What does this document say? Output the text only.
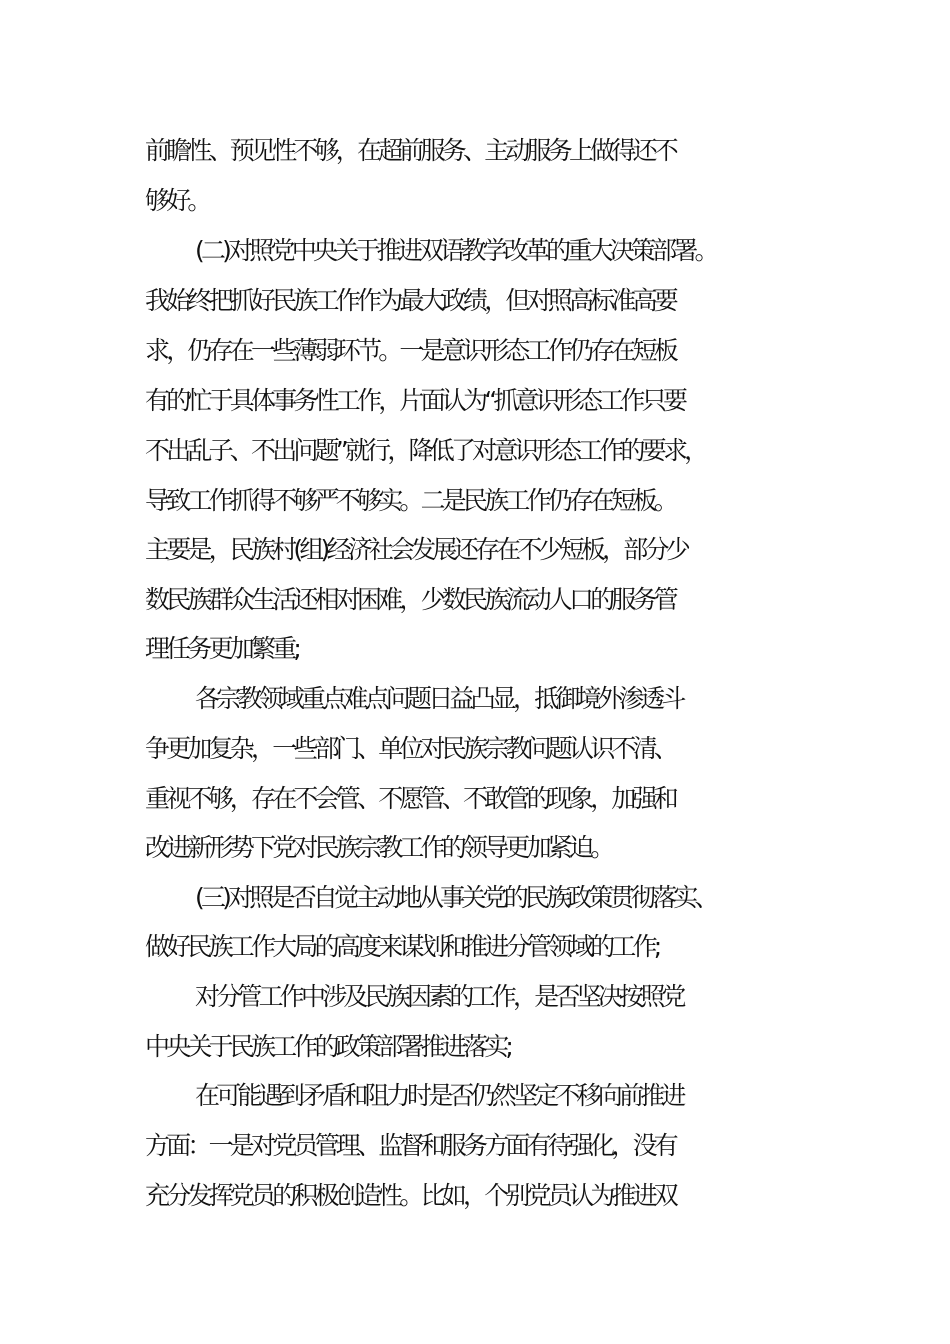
前瞻性、预见性不够，在超前服务、主动服务上做得还不
够好。
(二)对照党中央关于推进双语教学改革的重大决策部署。
我始终把抓好民族工作作为最大政绩，但对照高标准高要
求，仍存在一些薄弱环节。一是意识形态工作仍存在短板
有的忙于具体事务性工作，片面认为“抓意识形态工作只要
不出乱子、不出问题”就行，降低了对意识形态工作的要求，
导致工作抓得不够严不够实。二是民族工作仍存在短板。
主要是，民族村(组)经济社会发展还存在不少短板，部分少
数民族群众生活还相对困难，少数民族流动人口的服务管
理任务更加繁重;
各宗教领域重点难点问题日益凸显，抵御境外渗透斗
争更加复杂，一些部门、单位对民族宗教问题认识不清、
重视不够，存在不会管、不愿管、不敢管的现象，加强和
改进新形势下党对民族宗教工作的领导更加紧迫。
(三)对照是否自觉主动地从事关党的民族政策贯彻落实、
做好民族工作大局的高度来谋划和推进分管领域的工作;
对分管工作中涉及民族因素的工作，是否坚决按照党
中央关于民族工作的政策部署推进落实;
在可能遇到矛盾和阻力时是否仍然坚定不移向前推进
方面：一是对党员管理、监督和服务方面有待强化，没有
充分发挥党员的积极创造性。比如，个别党员认为推进双
